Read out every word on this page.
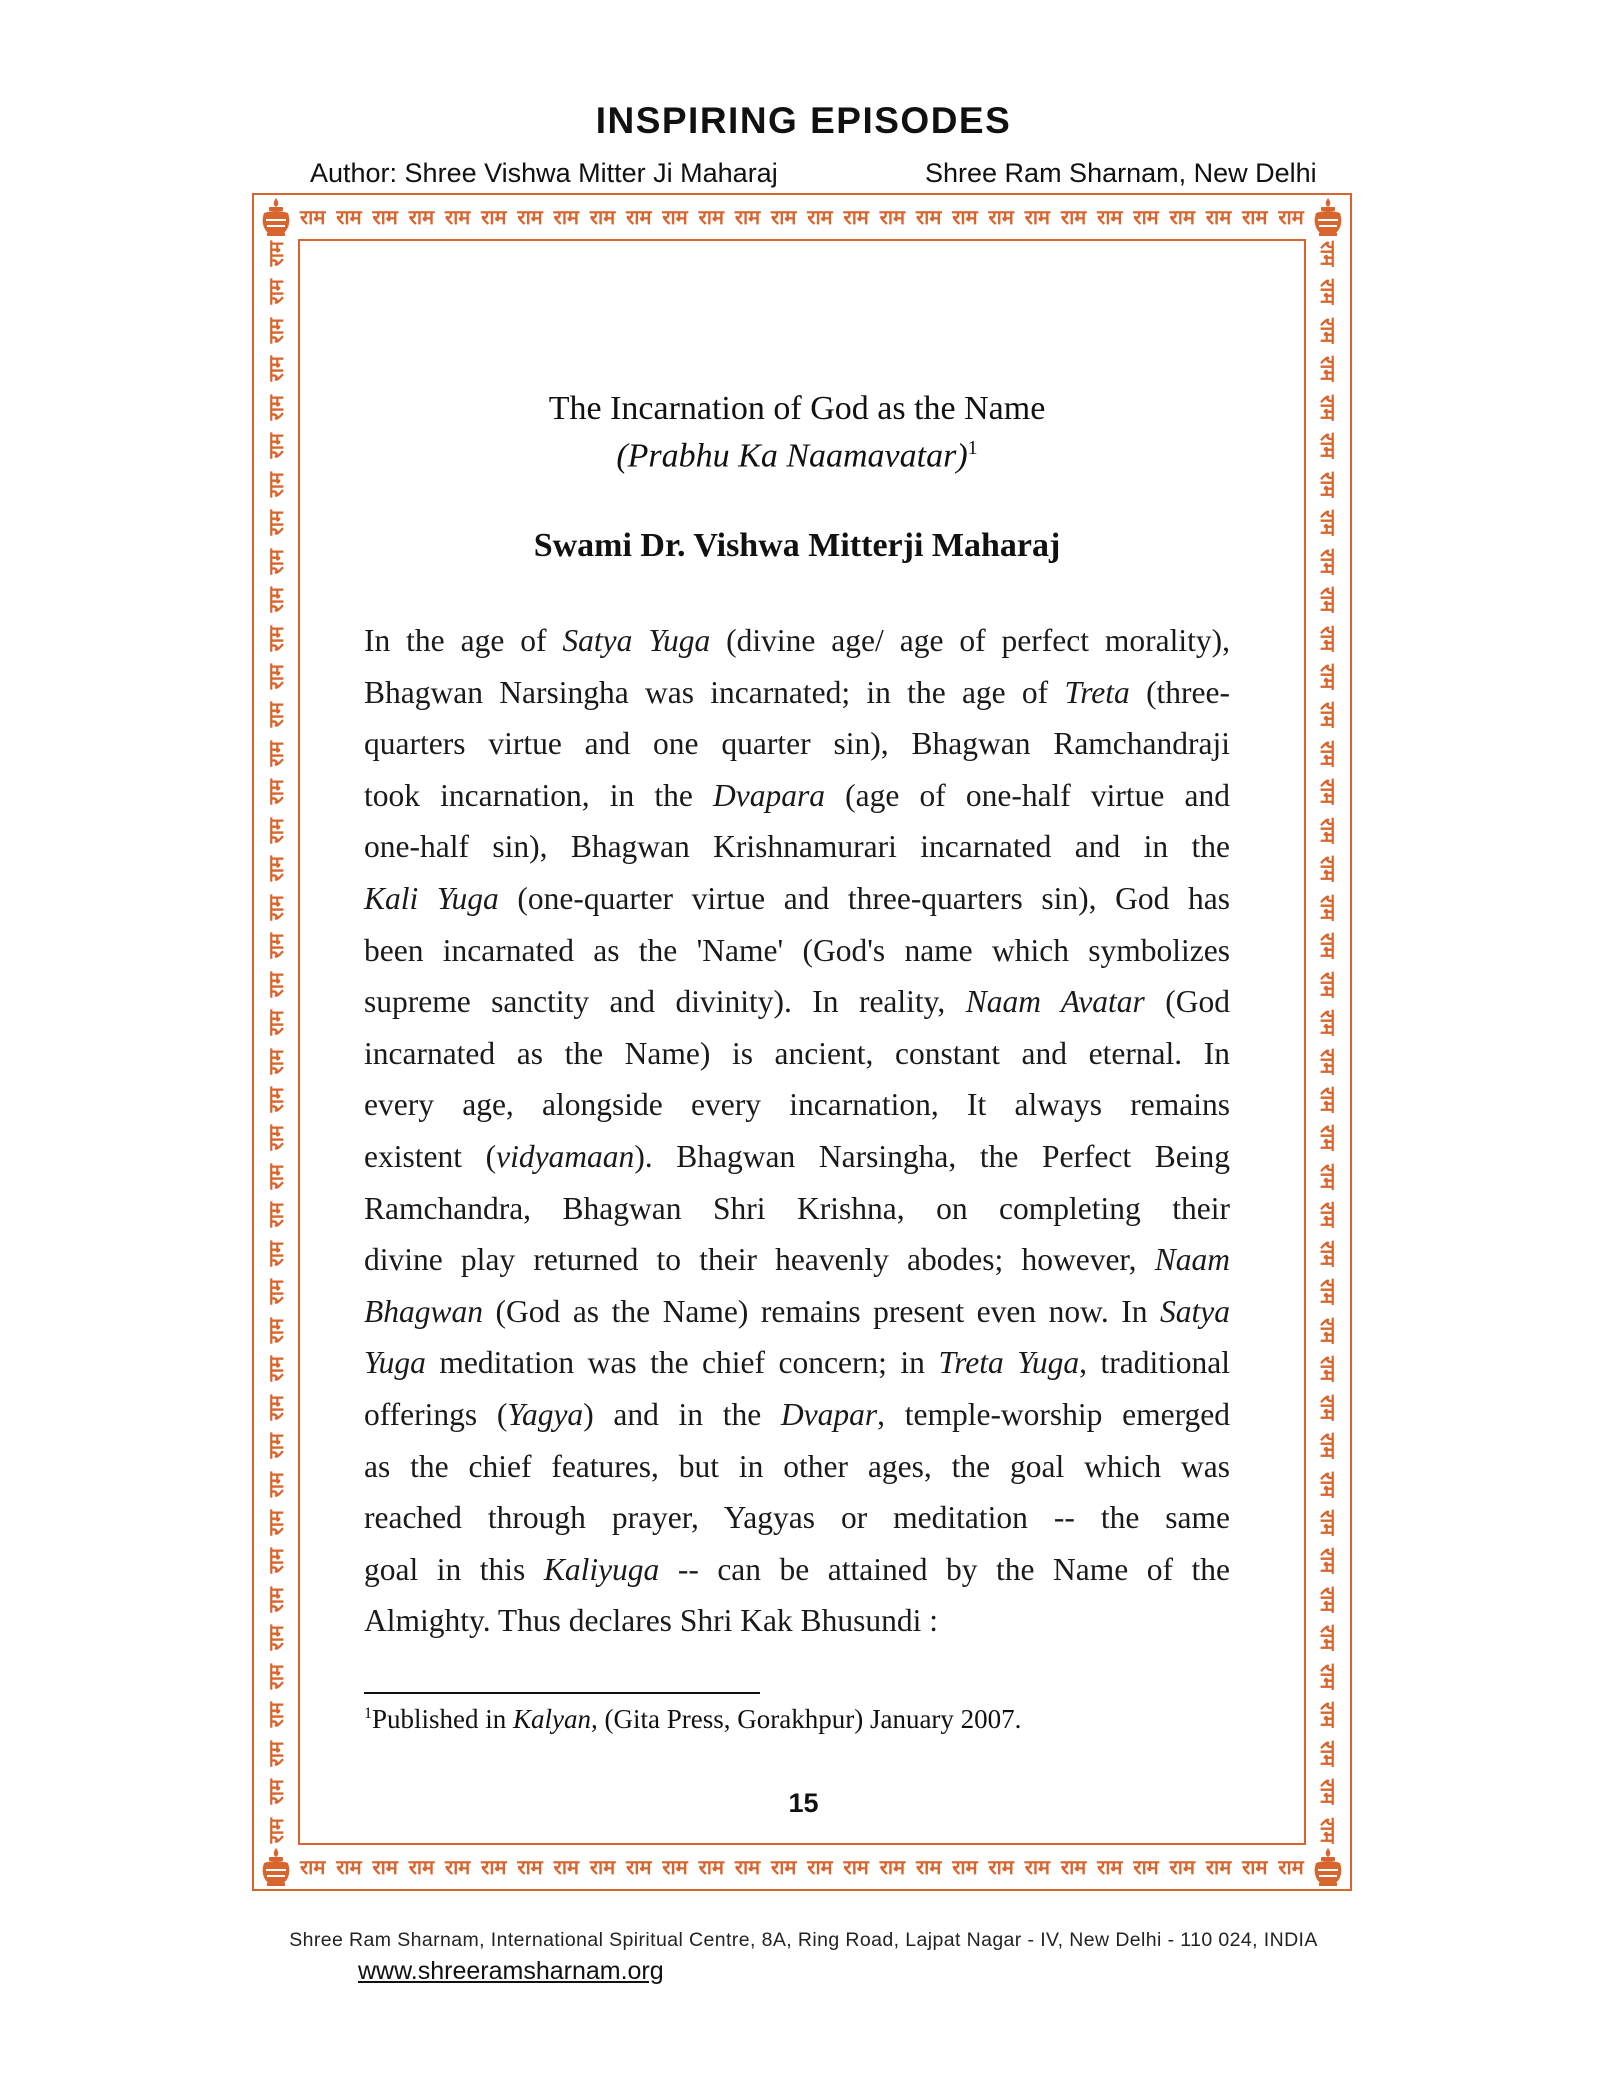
INSPIRING EPISODES
Author: Shree Vishwa Mitter Ji Maharaj	Shree Ram Sharnam, New Delhi
राम राम राम राम राम राम राम राम राम राम राम राम राम राम राम राम राम राम राम राम राम राम राम राम राम राम राम राम
राम राम राम राम राम राम राम राम राम राम राम राम राम राम राम राम राम राम राम राम राम राम राम राम राम राम राम राम
राम
राम
राम
राम
राम
राम
राम
राम
राम
राम
राम
राम
राम
राम
राम
राम
राम
राम
राम
राम
राम
राम
राम
राम
राम
राम
राम
राम
राम
राम
राम
राम
राम
राम
राम
राम
राम
राम
राम
राम
राम
राम
राम
राम
राम
राम
राम
राम
राम
राम
राम
राम
राम
राम
राम
राम
राम
राम
राम
राम
राम
राम
राम
राम
राम
राम
राम
राम
राम
राम
राम
राम
राम
राम
राम
राम
राम
राम
राम
राम
राम
राम
राम
राम
The Incarnation of God as the Name
(Prabhu Ka Naamavatar)$^1$
Swami Dr. Vishwa Mitterji Maharaj
In the age of Satya Yuga (divine age/ age of perfect morality),
Bhagwan Narsingha was incarnated; in the age of Treta (three-
quarters virtue and one quarter sin), Bhagwan Ramchandraji
took incarnation, in the Dvapara (age of one-half virtue and
one-half sin), Bhagwan Krishnamurari incarnated and in the
Kali Yuga (one-quarter virtue and three-quarters sin), God has
been incarnated as the 'Name' (God's name which symbolizes
supreme sanctity and divinity). In reality, Naam Avatar (God
incarnated as the Name) is ancient, constant and eternal. In
every age, alongside every incarnation, It always remains
existent (vidyamaan). Bhagwan Narsingha, the Perfect Being
Ramchandra, Bhagwan Shri Krishna, on completing their
divine play returned to their heavenly abodes; however, Naam
Bhagwan (God as the Name) remains present even now. In Satya
Yuga meditation was the chief concern; in Treta Yuga, traditional
offerings (Yagya) and in the Dvapar, temple-worship emerged
as the chief features, but in other ages, the goal which was
reached through prayer, Yagyas or meditation -- the same
goal in this Kaliyuga -- can be attained by the Name of the
Almighty. Thus declares Shri Kak Bhusundi :
$^1$Published in Kalyan, (Gita Press, Gorakhpur) January 2007.
15
Shree Ram Sharnam, International Spiritual Centre, 8A, Ring Road, Lajpat Nagar - IV, New Delhi - 110 024, INDIA
www.shreeramsharnam.org
